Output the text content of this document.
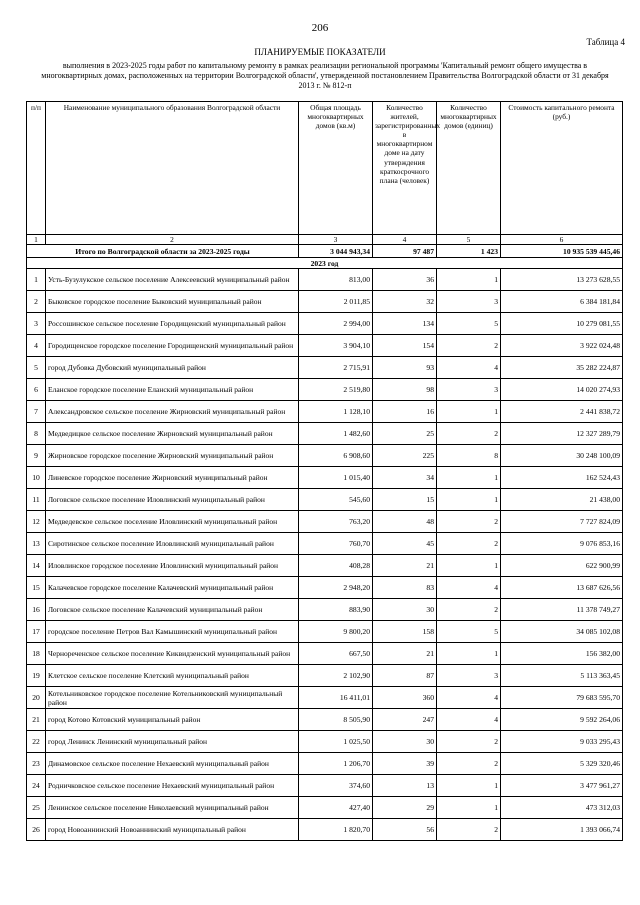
206
Таблица 4
ПЛАНИРУЕМЫЕ ПОКАЗАТЕЛИ
выполнения в 2023-2025 годы работ по капитальному ремонту в рамках реализации региональной программы 'Капитальный ремонт общего имущества в многоквартирных домах, расположенных на территории Волгоградской области', утвержденной постановлением Правительства Волгоградской области от 31 декабря 2013 г. № 812-п
п/п	Наименование муниципального образования Волгоградской области	Общая площадь многоквартирных домов (кв.м)	Количество жителей, зарегистрированных в многоквартирном доме на дату утверждения краткосрочного плана (человек)	Количество многоквартирных домов (единиц)	Стоимость капитального ремонта (руб.)
1	2	3	4	5	6
Итого по Волгоградской области за 2023-2025 годы		3 044 943,34	97 487	1 423	10 935 539 445,46
2023 год					
1	Усть-Бузулукское сельское поселение Алексеевский муниципальный район	813,00	36	1	13 273 628,55
2	Быковское городское поселение Быковский муниципальный район	2 011,85	32	3	6 384 181,84
3	Россошинское сельское поселение Городищенский муниципальный район	2 994,00	134	5	10 279 081,55
4	Городищенское городское поселение Городищенский муниципальный район	3 904,10	154	2	3 922 024,48
5	город Дубовка Дубовский муниципальный район	2 715,91	93	4	35 282 224,87
6	Еланское городское поселение Еланский муниципальный район	2 519,80	98	3	14 020 274,93
7	Александровское сельское поселение Жирновский муниципальный район	1 128,10	16	1	2 441 838,72
8	Медведицкое сельское поселение Жирновский муниципальный район	1 482,60	25	2	12 327 289,79
9	Жирновское городское поселение Жирновский муниципальный район	6 908,60	225	8	30 248 100,09
10	Линевское городское поселение Жирновский муниципальный район	1 015,40	34	1	162 524,43
11	Логовское сельское поселение Иловлинский муниципальный район	545,60	15	1	21 438,00
12	Медведевское сельское поселение Иловлинский муниципальный район	763,20	48	2	7 727 824,09
13	Сиротинское сельское поселение Иловлинский муниципальный район	760,70	45	2	9 076 853,16
14	Иловлинское городское поселение Иловлинский муниципальный район	408,28	21	1	622 900,99
15	Калачевское городское поселение Калачевский муниципальный район	2 948,20	83	4	13 687 626,56
16	Логовское сельское поселение Калачевский муниципальный район	883,90	30	2	11 378 749,27
17	городское поселение Петров Вал Камышинский муниципальный район	9 800,20	158	5	34 085 102,08
18	Чернореченское сельское поселение Киквидзенский муниципальный район	667,50	21	1	156 382,00
19	Клетское сельское поселение Клетский муниципальный район	2 102,90	87	3	5 113 363,45
20	Котельниковское городское поселение Котельниковский муниципальный район	16 411,01	360	4	79 683 595,70
21	город Котово Котовский муниципальный район	8 505,90	247	4	9 592 264,06
22	город Ленинск Ленинский муниципальный район	1 025,50	30	2	9 033 295,43
23	Динамовское сельское поселение Нехаевский муниципальный район	1 206,70	39	2	5 329 320,46
24	Родничковское сельское поселение Нехаевский муниципальный район	374,60	13	1	3 477 961,27
25	Ленинское сельское поселение Николаевский муниципальный район	427,40	29	1	473 312,03
26	город Новоаннинский Новоаннинский муниципальный район	1 820,70	56	2	1 393 066,74
